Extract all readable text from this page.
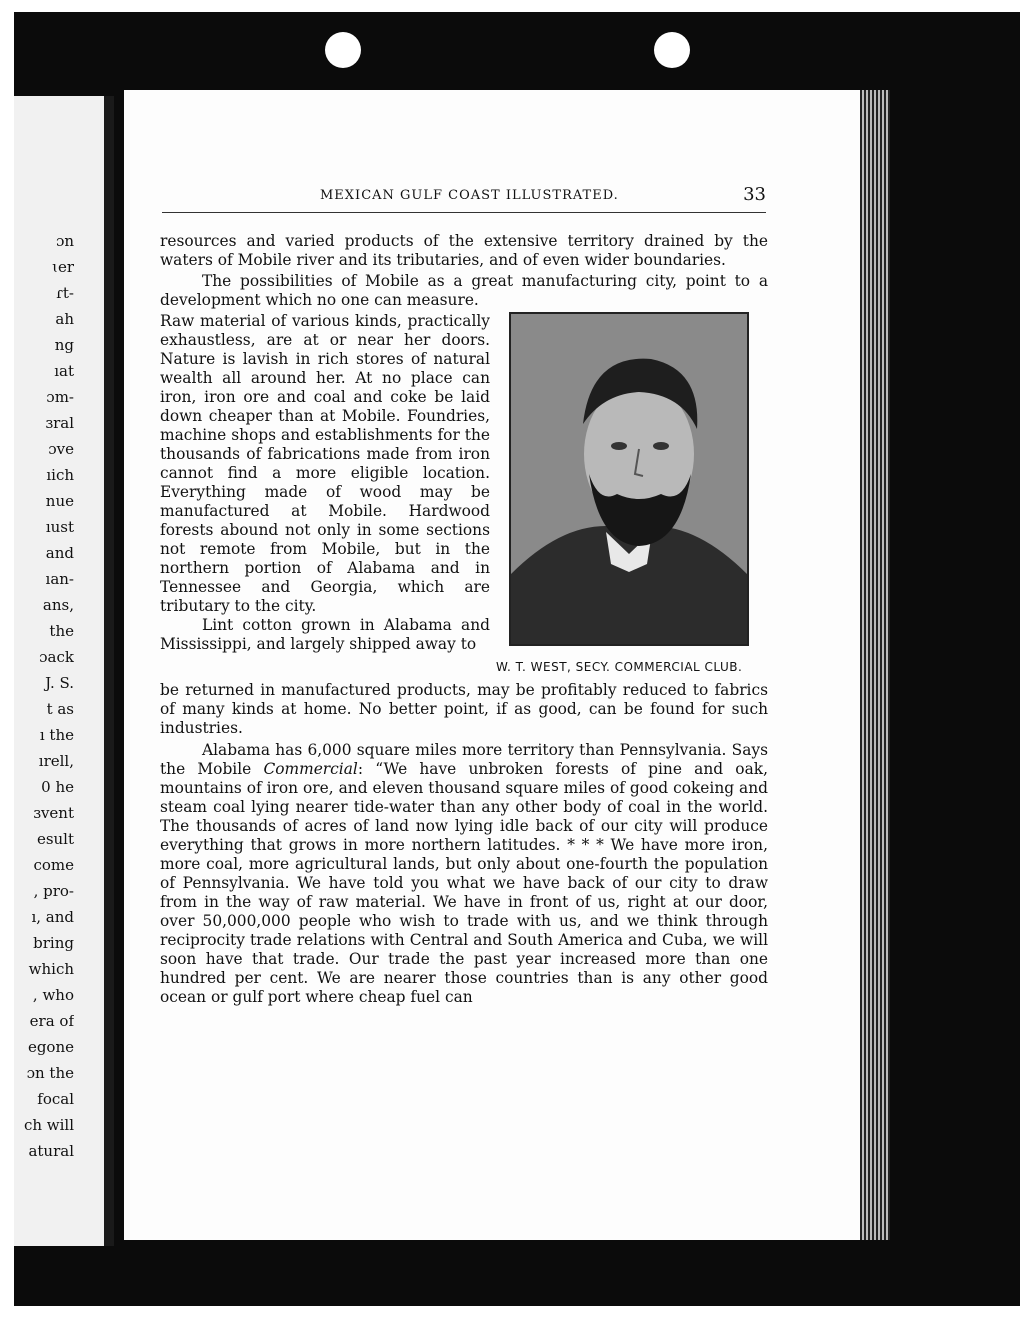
ɔn
ɩer
ɾt-
ah
ng
ıat
ɔm-
ɜral
ɔve
ıich
nue
ıust
and
ıan-
ans,
the
ɔack
J. S.
t as
ı the
ırell,
0 he
ɜvent
esult
come
, pro-
ı, and
bring
which
, who
era of
egone
ɔn the
focal
ch will
atural
MEXICAN GULF COAST ILLUSTRATED.	33

resources and varied products of the extensive territory drained by the waters of Mobile river and its tributaries, and of even wider boundaries.

The possibilities of Mobile as a great manufacturing city, point to a development which no one can measure.

Raw material of various kinds, practically exhaustless, are at or near her doors. Nature is lavish in rich stores of natural wealth all around her. At no place can iron, iron ore and coal and coke be laid down cheaper than at Mobile. Foundries, machine shops and establishments for the thousands of fabrications made from iron cannot find a more eligible location. Everything made of wood may be manufactured at Mobile. Hardwood forests abound not only in some sections not remote from Mobile, but in the northern portion of Alabama and in Tennessee and Georgia, which are tributary to the city.

Lint cotton grown in Alabama and Mississippi, and largely shipped away to

W. T. WEST, SECY. COMMERCIAL CLUB.

be returned in manufactured products, may be profitably reduced to fabrics of many kinds at home. No better point, if as good, can be found for such industries.

Alabama has 6,000 square miles more territory than Pennsylvania. Says the Mobile Commercial: “We have unbroken forests of pine and oak, mountains of iron ore, and eleven thousand square miles of good cokeing and steam coal lying nearer tide-water than any other body of coal in the world. The thousands of acres of land now lying idle back of our city will produce everything that grows in more northern latitudes. * * * We have more iron, more coal, more agricultural lands, but only about one-fourth the population of Pennsylvania. We have told you what we have back of our city to draw from in the way of raw material. We have in front of us, right at our door, over 50,000,000 people who wish to trade with us, and we think through reciprocity trade relations with Central and South America and Cuba, we will soon have that trade. Our trade the past year increased more than one hundred per cent. We are nearer those countries than is any other good ocean or gulf port where cheap fuel can
